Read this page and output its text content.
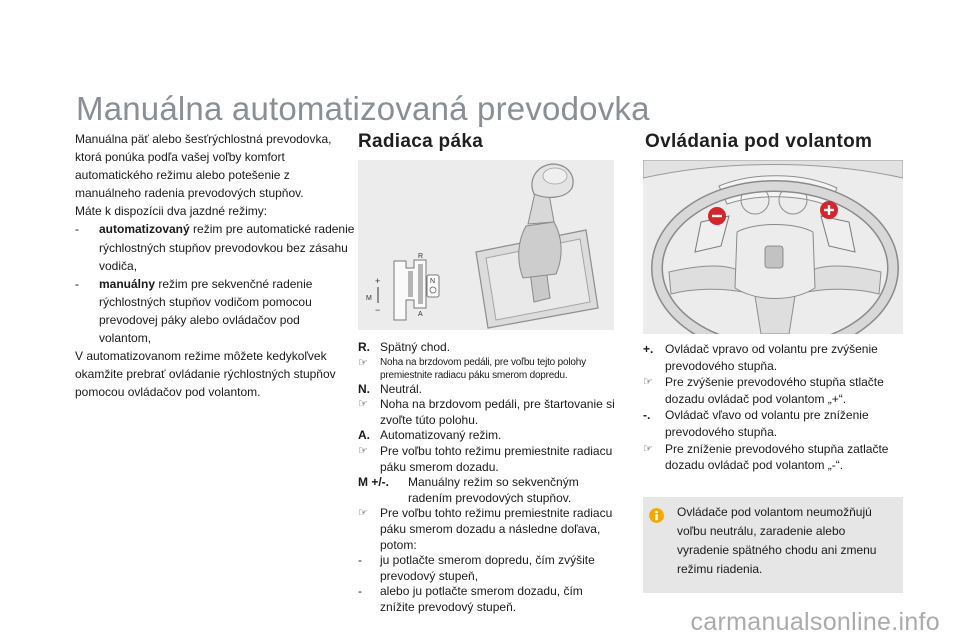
Manuálna automatizovaná prevodovka

Manuálna päť alebo šesťrýchlostná prevodovka, ktorá ponúka podľa vašej voľby komfort automatického režimu alebo potešenie z manuálneho radenia prevodových stupňov.

Máte k dispozícii dva jazdné režimy:

-	automatizovaný režim pre automatické radenie rýchlostných stupňov prevodovkou bez zásahu vodiča,
-	manuálny režim pre sekvenčné radenie rýchlostných stupňov vodičom pomocou prevodovej páky alebo ovládačov pod volantom,

V automatizovanom režime môžete kedykoľvek okamžite prebrať ovládanie rýchlostných stupňov pomocou ovládačov pod volantom.

Radiaca páka
R
N
A
M
+
−
R. Spätný chod.
☞	Noha na brzdovom pedáli, pre voľbu tejto polohy premiestnite radiacu páku smerom dopredu.
N. Neutrál.
☞	Noha na brzdovom pedáli, pre štartovanie si zvoľte túto polohu.
A. Automatizovaný režim.
☞	Pre voľbu tohto režimu premiestnite radiacu páku smerom dozadu.
M +/-.	Manuálny režim so sekvenčným radením prevodových stupňov.
☞	Pre voľbu tohto režimu premiestnite radiacu páku smerom dozadu a následne doľava, potom:
-	ju potlačte smerom dopredu, čím zvýšite prevodový stupeň,
-	alebo ju potlačte smerom dozadu, čím znížite prevodový stupeň.
Ovládania pod volantom
+. Ovládač vpravo od volantu pre zvýšenie prevodového stupňa.
☞	Pre zvýšenie prevodového stupňa stlačte dozadu ovládač pod volantom „+“.
-.	Ovládač vľavo od volantu pre zníženie prevodového stupňa.
☞	Pre zníženie prevodového stupňa zatlačte dozadu ovládač pod volantom „-“.
Ovládače pod volantom neumožňujú voľbu neutrálu, zaradenie alebo vyradenie spätného chodu ani zmenu režimu riadenia.
carmanualsonline.info
